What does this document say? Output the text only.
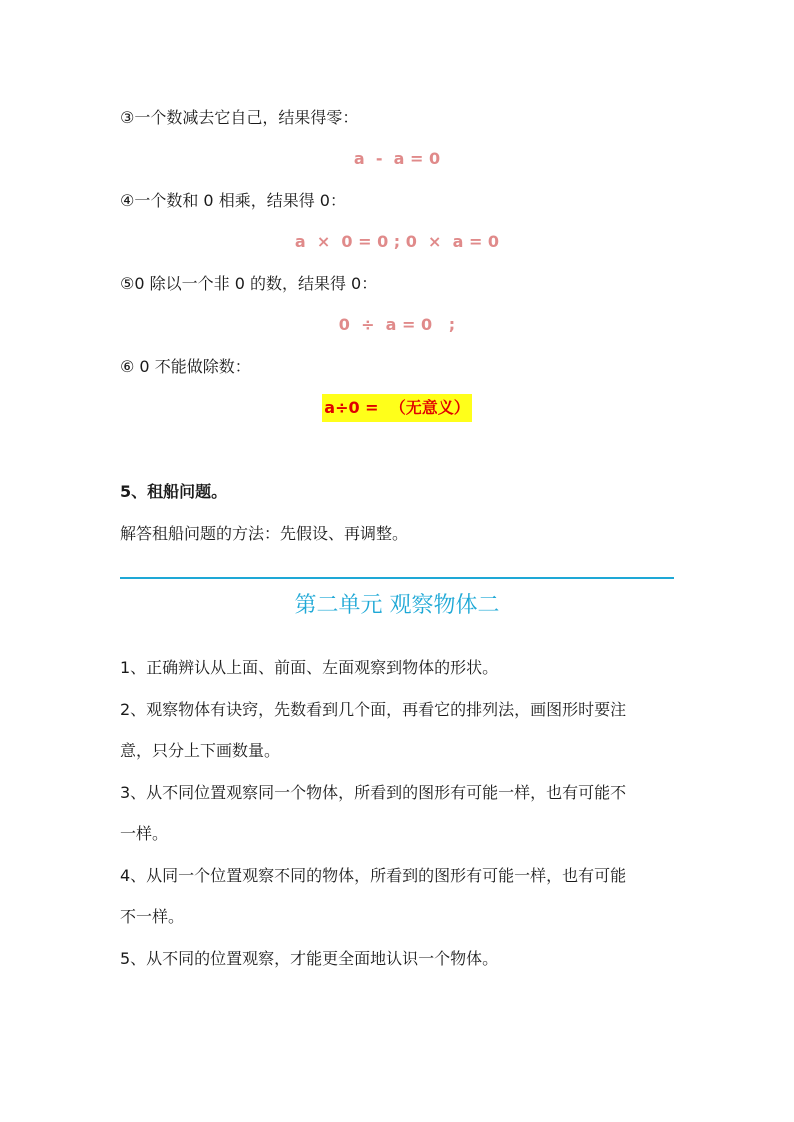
③一个数减去它自己，结果得零：
a  -  a = 0
④一个数和 0 相乘，结果得 0：
a  ×  0 = 0 ; 0  ×  a = 0
⑤0 除以一个非 0 的数，结果得 0：
0  ÷  a = 0   ;
⑥ 0 不能做除数：
a÷0 =  （无意义）
5、租船问题。
解答租船问题的方法：先假设、再调整。
第二单元 观察物体二
1、正确辨认从上面、前面、左面观察到物体的形状。
2、观察物体有诀窍，先数看到几个面，再看它的排列法，画图形时要注
意，只分上下画数量。
3、从不同位置观察同一个物体，所看到的图形有可能一样，也有可能不
一样。
4、从同一个位置观察不同的物体，所看到的图形有可能一样，也有可能
不一样。
5、从不同的位置观察，才能更全面地认识一个物体。
